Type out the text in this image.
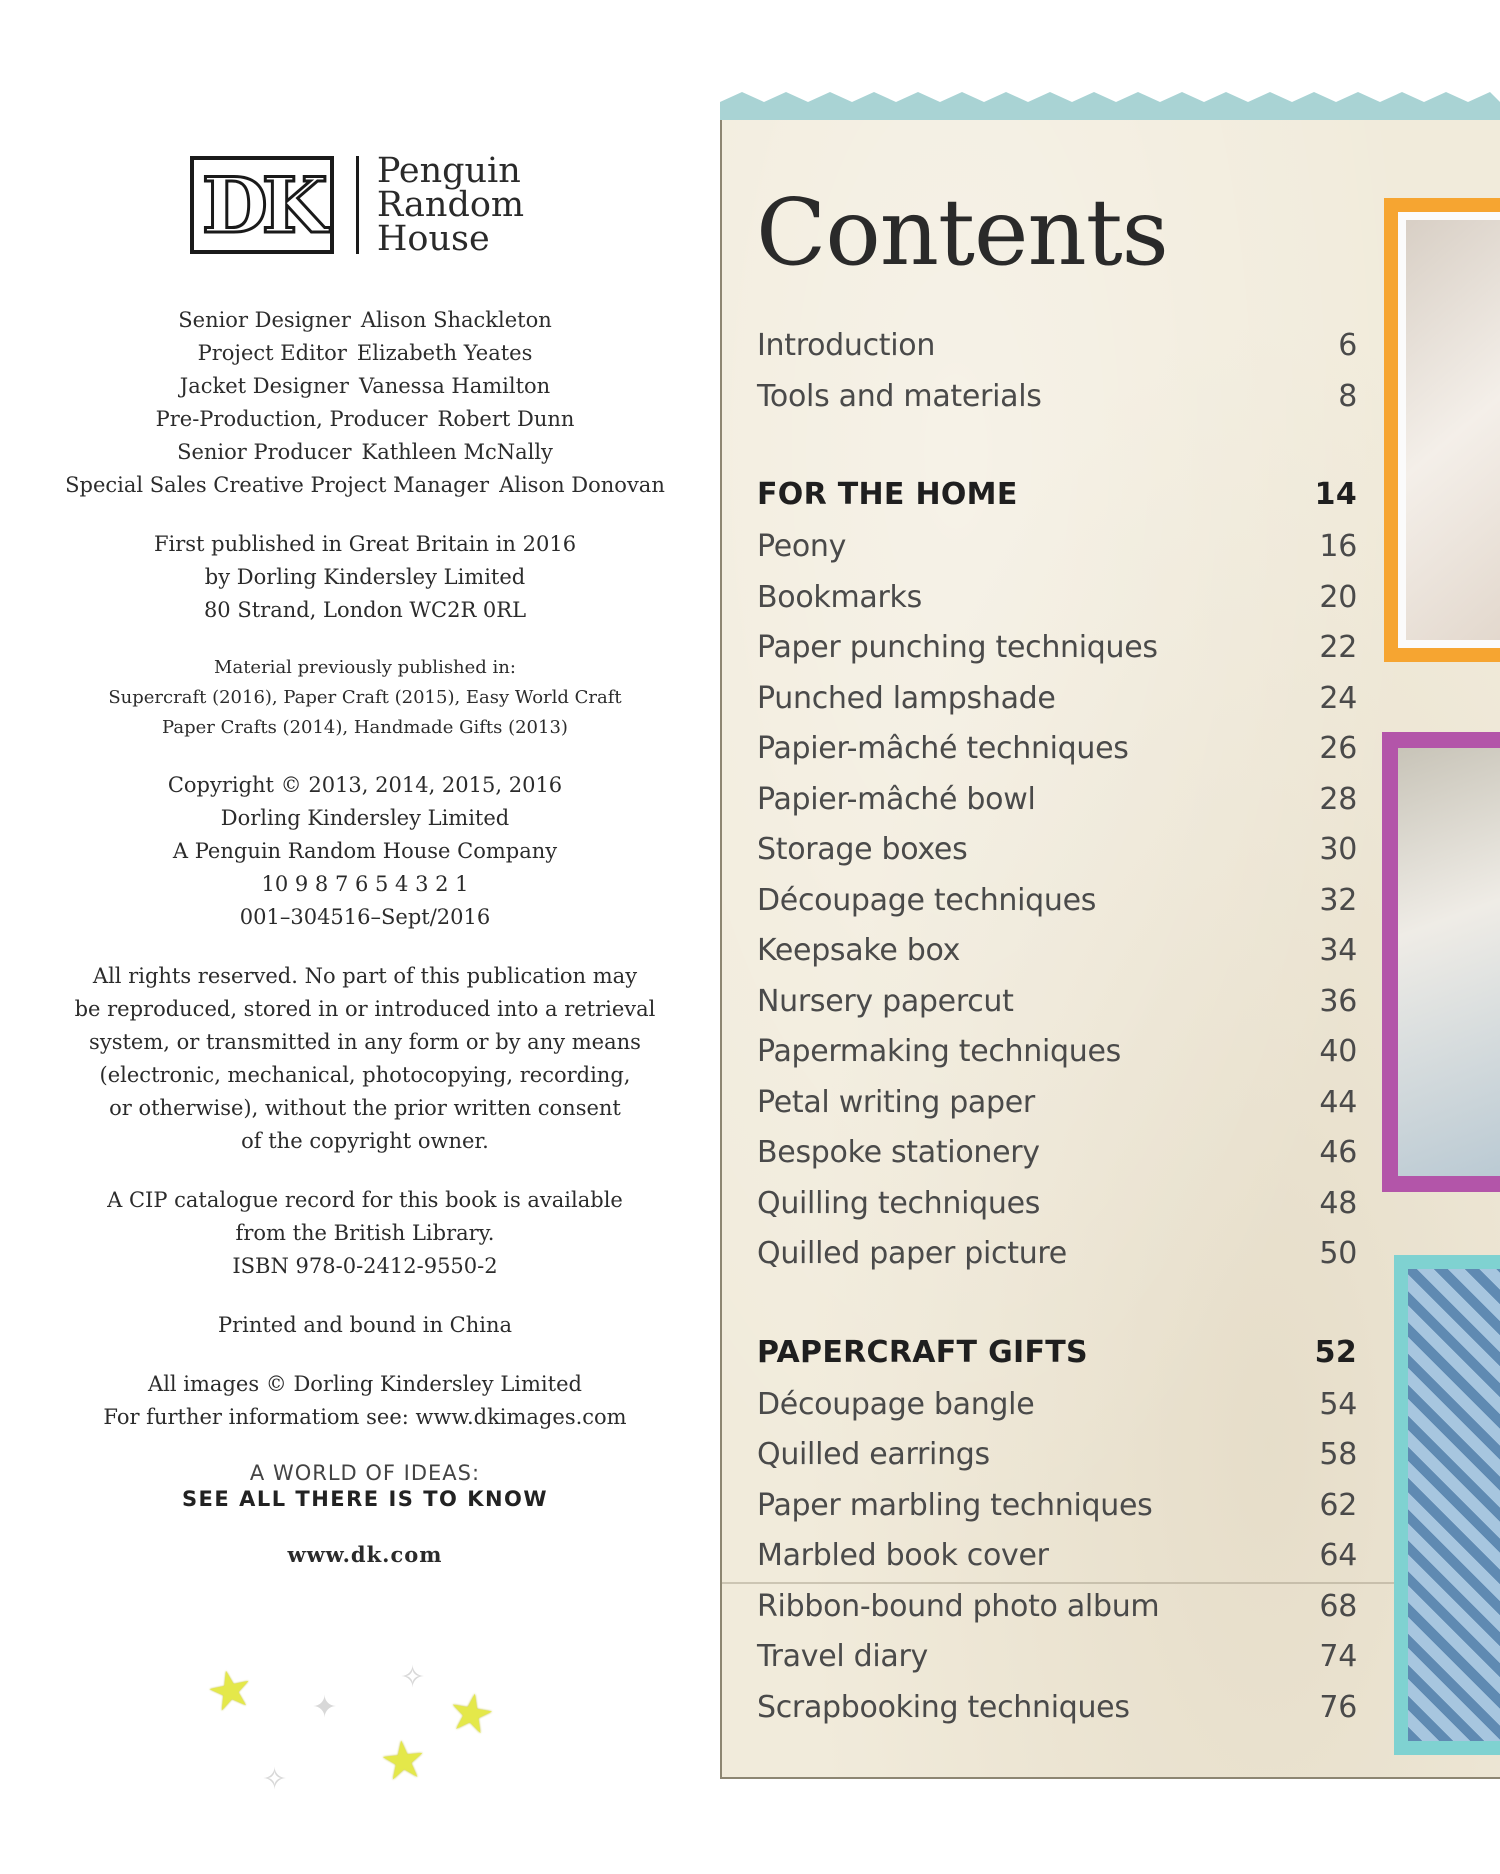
DK	Penguin
Random
House
Senior Designer Alison Shackleton
Project Editor Elizabeth Yeates
Jacket Designer Vanessa Hamilton
Pre-Production, Producer Robert Dunn
Senior Producer Kathleen McNally
Special Sales Creative Project Manager Alison Donovan
First published in Great Britain in 2016
by Dorling Kindersley Limited
80 Strand, London WC2R 0RL
Material previously published in:
Supercraft (2016), Paper Craft (2015), Easy World Craft
Paper Crafts (2014), Handmade Gifts (2013)
Copyright © 2013, 2014, 2015, 2016
Dorling Kindersley Limited
A Penguin Random House Company
10 9 8 7 6 5 4 3 2 1
001–304516–Sept/2016
All rights reserved. No part of this publication may
be reproduced, stored in or introduced into a retrieval
system, or transmitted in any form or by any means
(electronic, mechanical, photocopying, recording,
or otherwise), without the prior written consent
of the copyright owner.
A CIP catalogue record for this book is available
from the British Library.
ISBN 978-0-2412-9550-2
Printed and bound in China
All images © Dorling Kindersley Limited
For further informatiom see: www.dkimages.com
A WORLD OF IDEAS:
SEE ALL THERE IS TO KNOW
www.dk.com
★	★
★
✦
✧
✧
Contents
Introduction	6
Tools and materials	8
FOR THE HOME	14
Peony	16
Bookmarks	20
Paper punching techniques	22
Punched lampshade	24
Papier-mâché techniques	26
Papier-mâché bowl	28
Storage boxes	30
Découpage techniques	32
Keepsake box	34
Nursery papercut	36
Papermaking techniques	40
Petal writing paper	44
Bespoke stationery	46
Quilling techniques	48
Quilled paper picture	50
PAPERCRAFT GIFTS	52
Découpage bangle	54
Quilled earrings	58
Paper marbling techniques	62
Marbled book cover	64
Ribbon-bound photo album	68
Travel diary	74
Scrapbooking techniques	76
